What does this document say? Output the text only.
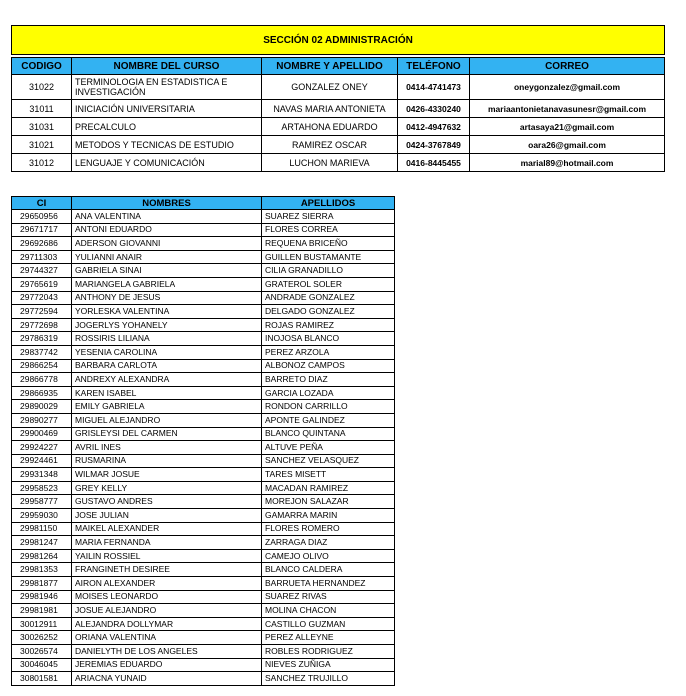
SECCIÓN 02 ADMINISTRACIÓN				

CODIGO	NOMBRE DEL CURSO	NOMBRE Y APELLIDO	TELÉFONO	CORREO
31022	TERMINOLOGIA EN ESTADISTICA E INVESTIGACIÓN	GONZALEZ ONEY	0414-4741473	oneygonzalez@gmail.com
31011	INICIACIÓN UNIVERSITARIA	NAVAS MARIA ANTONIETA	0426-4330240	mariaantonietanavasunesr@gmail.com
31031	PRECALCULO	ARTAHONA EDUARDO	0412-4947632	artasaya21@gmail.com
31021	METODOS Y TECNICAS DE ESTUDIO	RAMIREZ OSCAR	0424-3767849	oara26@gmail.com
31012	LENGUAJE Y COMUNICACIÓN	LUCHON MARIEVA	0416-8445455	marial89@hotmail.com
CI	NOMBRES	APELLIDOS
29650956	ANA VALENTINA	SUAREZ SIERRA
29671717	ANTONI EDUARDO	FLORES CORREA
29692686	ADERSON GIOVANNI	REQUENA BRICEÑO
29711303	YULIANNI ANAIR	GUILLEN BUSTAMANTE
29744327	GABRIELA SINAI	CILIA GRANADILLO
29765619	MARIANGELA GABRIELA	GRATEROL SOLER
29772043	ANTHONY DE JESUS	ANDRADE GONZALEZ
29772594	YORLESKA VALENTINA	DELGADO GONZALEZ
29772698	JOGERLYS YOHANELY	ROJAS RAMIREZ
29786319	ROSSIRIS LILIANA	INOJOSA BLANCO
29837742	YESENIA CAROLINA	PEREZ ARZOLA
29866254	BARBARA CARLOTA	ALBONOZ CAMPOS
29866778	ANDREXY ALEXANDRA	BARRETO DIAZ
29866935	KAREN ISABEL	GARCIA LOZADA
29890029	EMILY GABRIELA	RONDON CARRILLO
29890277	MIGUEL ALEJANDRO	APONTE GALINDEZ
29900469	GRISLEYSI DEL CARMEN	BLANCO QUINTANA
29924227	AVRIL INES	ALTUVE PEÑA
29924461	RUSMARINA	SANCHEZ VELASQUEZ
29931348	WILMAR JOSUE	TARES MISETT
29958523	GREY KELLY	MACADAN RAMIREZ
29958777	GUSTAVO ANDRES	MOREJON SALAZAR
29959030	JOSE JULIAN	GAMARRA MARIN
29981150	MAIKEL ALEXANDER	FLORES ROMERO
29981247	MARIA FERNANDA	ZARRAGA DIAZ
29981264	YAILIN ROSSIEL	CAMEJO OLIVO
29981353	FRANGINETH DESIREE	BLANCO CALDERA
29981877	AIRON ALEXANDER	BARRUETA HERNANDEZ
29981946	MOISES LEONARDO	SUAREZ RIVAS
29981981	JOSUE ALEJANDRO	MOLINA CHACON
30012911	ALEJANDRA DOLLYMAR	CASTILLO GUZMAN
30026252	ORIANA VALENTINA	PEREZ ALLEYNE
30026574	DANIELYTH DE LOS ANGELES	ROBLES RODRIGUEZ
30046045	JEREMIAS EDUARDO	NIEVES ZUÑIGA
30801581	ARIACNA YUNAID	SANCHEZ TRUJILLO
